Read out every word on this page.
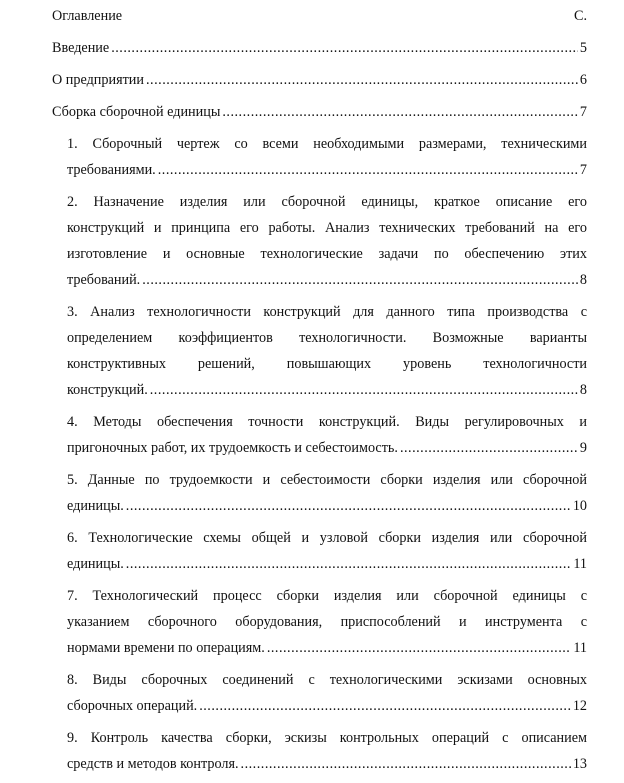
Оглавление	С.
Введение .....	5
О предприятии .....	6
Сборка сборочной единицы .....	7
1. Сборочный чертеж со всеми необходимыми размерами, техническими
требованиями. .....	7
2. Назначение изделия или сборочной единицы, краткое описание его
конструкций и принципа его работы. Анализ технических требований на его
изготовление и основные технологические задачи по обеспечению этих
требований. .....	8
3. Анализ технологичности конструкций для данного типа производства с
определением коэффициентов технологичности. Возможные варианты
конструктивных решений, повышающих уровень технологичности
конструкций. .....	8
4. Методы обеспечения точности конструкций. Виды регулировочных и
пригоночных работ, их трудоемкость и себестоимость. .....	9
5. Данные по трудоемкости и себестоимости сборки изделия или сборочной
единицы. .....	10
6. Технологические схемы общей и узловой сборки изделия или сборочной
единицы. .....	11
7. Технологический процесс сборки изделия или сборочной единицы с
указанием сборочного оборудования, приспособлений и инструмента с
нормами времени по операциям. .....	11
8. Виды сборочных соединений с технологическими эскизами основных
сборочных операций. .....	12
9. Контроль качества сборки, эскизы контрольных операций с описанием
средств и методов контроля. .....	13
